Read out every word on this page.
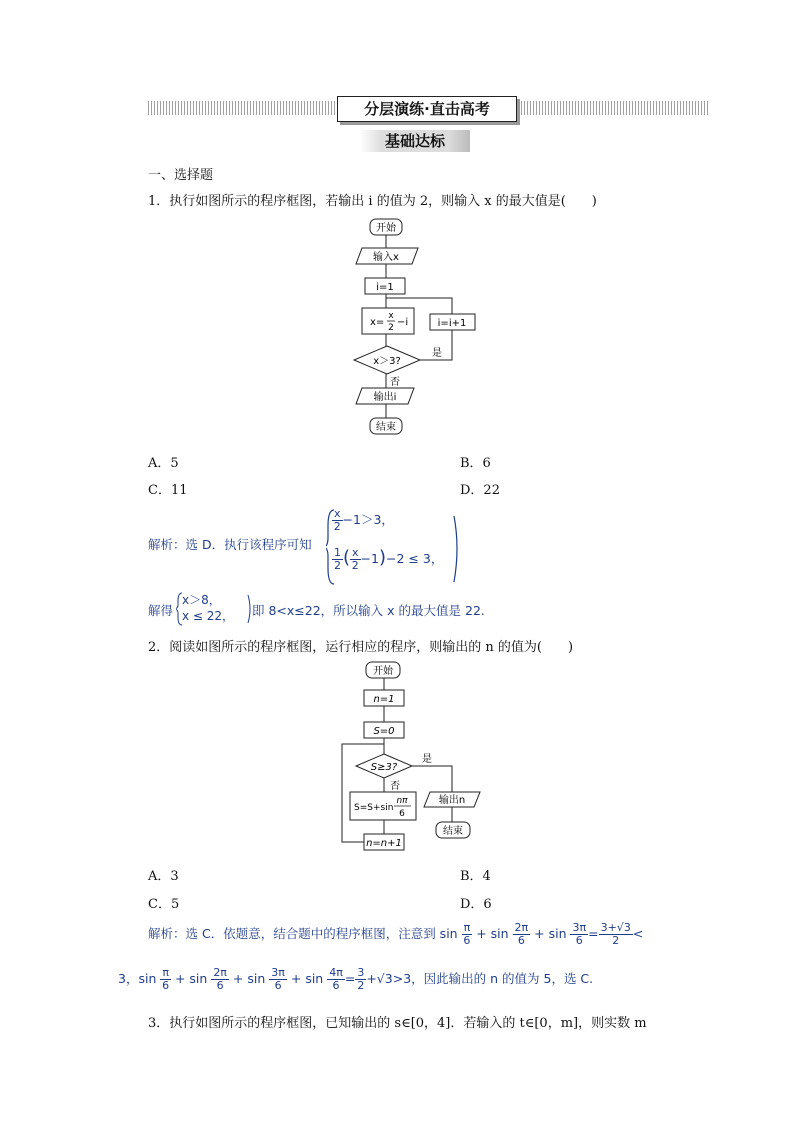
分层演练·直击高考
基础达标
一、选择题
1．执行如图所示的程序框图，若输出 i 的值为 2，则输入 x 的最大值是(　　)
开始
输入x
i=1
x=
x
2 −i	i=i+1
x＞3?
是
否
输出i
结束
A．5	B．6
C．11	D．22
解析：选 D．执行该程序可知
$\frac{x}{2} -1>3$，
$\frac{1}{2}$ ( $\frac{x}{2} -1)-2 \le 3$，
解得
x＞8，
x ≤ 22， 即 8<x≤22，所以输入 x 的最大值是 22.
2．阅读如图所示的程序框图，运行相应的程序，则输出的 n 的值为(　　)
开始
n=1
S=0
S≥3?
是
否
S=S+sin
nπ
6
输出n
结束
n=n+1
A．3	B．4
C．5	D．6
解析：选 C．依题意，结合题中的程序框图，注意到 $\sin \frac{\pi}{6} + \sin \frac{2\pi}{6} + \sin \frac{3\pi}{6} = \frac{3+√3}{2}$ <
3，$\sin \frac{\pi}{6} + \sin \frac{2\pi}{6} + \sin \frac{3\pi}{6} + \sin \frac{4\pi}{6} = \frac{3}{2} +√3>3$，因此输出的 n 的值为 5，选 C.
3．执行如图所示的程序框图，已知输出的 s∈[0，4]．若输入的 t∈[0，m]，则实数 m
